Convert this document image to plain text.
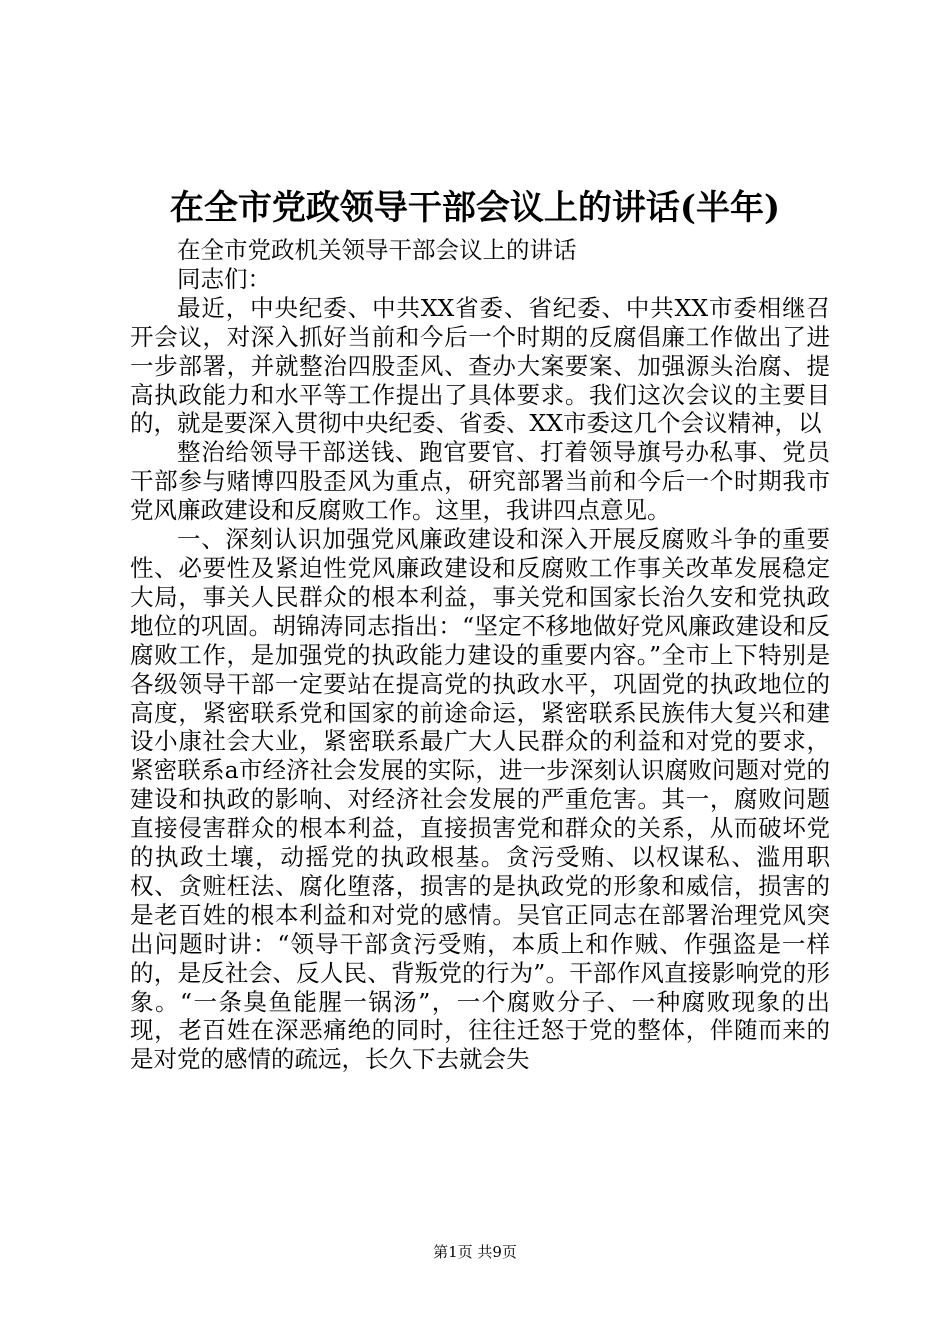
在全市党政领导干部会议上的讲话(半年)

在全市党政机关领导干部会议上的讲话

同志们：

最近，中央纪委、中共XX省委、省纪委、中共XX市委相继召开会议，对深入抓好当前和今后一个时期的反腐倡廉工作做出了进一步部署，并就整治四股歪风、查办大案要案、加强源头治腐、提高执政能力和水平等工作提出了具体要求。我们这次会议的主要目的，就是要深入贯彻中央纪委、省委、XX市委这几个会议精神，以

整治给领导干部送钱、跑官要官、打着领导旗号办私事、党员干部参与赌博四股歪风为重点，研究部署当前和今后一个时期我市党风廉政建设和反腐败工作。这里，我讲四点意见。

一、深刻认识加强党风廉政建设和深入开展反腐败斗争的重要性、必要性及紧迫性党风廉政建设和反腐败工作事关改革发展稳定大局，事关人民群众的根本利益，事关党和国家长治久安和党执政地位的巩固。胡锦涛同志指出：“坚定不移地做好党风廉政建设和反腐败工作，是加强党的执政能力建设的重要内容。”全市上下特别是各级领导干部一定要站在提高党的执政水平，巩固党的执政地位的高度，紧密联系党和国家的前途命运，紧密联系民族伟大复兴和建设小康社会大业，紧密联系最广大人民群众的利益和对党的要求，紧密联系a市经济社会发展的实际，进一步深刻认识腐败问题对党的建设和执政的影响、对经济社会发展的严重危害。其一，腐败问题直接侵害群众的根本利益，直接损害党和群众的关系，从而破坏党的执政土壤，动摇党的执政根基。贪污受贿、以权谋私、滥用职权、贪赃枉法、腐化堕落，损害的是执政党的形象和威信，损害的是老百姓的根本利益和对党的感情。吴官正同志在部署治理党风突出问题时讲：“领导干部贪污受贿，本质上和作贼、作强盗是一样的，是反社会、反人民、背叛党的行为”。干部作风直接影响党的形象。“一条臭鱼能腥一锅汤”，一个腐败分子、一种腐败现象的出现，老百姓在深恶痛绝的同时，往往迁怒于党的整体，伴随而来的是对党的感情的疏远，长久下去就会失

第1页 共9页
